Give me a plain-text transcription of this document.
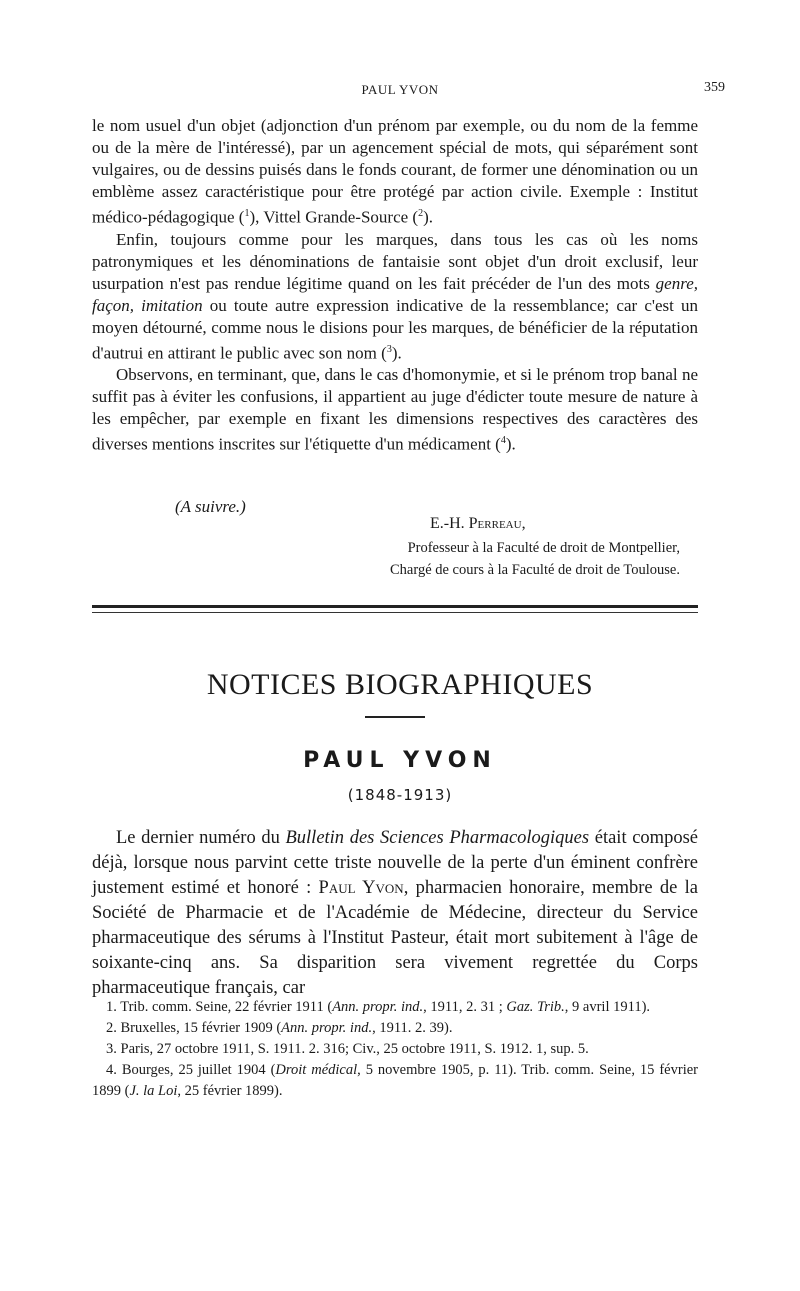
PAUL YVON	359

le nom usuel d'un objet (adjonction d'un prénom par exemple, ou du nom de la femme ou de la mère de l'intéressé), par un agencement spécial de mots, qui séparément sont vulgaires, ou de dessins puisés dans le fonds courant, de former une dénomination ou un emblème assez caractéristique pour être protégé par action civile. Exemple : Institut médico-pédagogique ($^1$), Vittel Grande-Source ($^2$).

Enfin, toujours comme pour les marques, dans tous les cas où les noms patronymiques et les dénominations de fantaisie sont objet d'un droit exclusif, leur usurpation n'est pas rendue légitime quand on les fait précéder de l'un des mots genre, façon, imitation ou toute autre expression indicative de la ressemblance; car c'est un moyen détourné, comme nous le disions pour les marques, de bénéficier de la réputation d'autrui en attirant le public avec son nom ($^3$).

Observons, en terminant, que, dans le cas d'homonymie, et si le prénom trop banal ne suffit pas à éviter les confusions, il appartient au juge d'édicter toute mesure de nature à les empêcher, par exemple en fixant les dimensions respectives des caractères des diverses mentions inscrites sur l'étiquette d'un médicament ($^4$).

(A suivre.)
E.-H. Perreau,
Professeur à la Faculté de droit de Montpellier,
Chargé de cours à la Faculté de droit de Toulouse.
NOTICES BIOGRAPHIQUES
PAUL YVON
(1848-1913)

Le dernier numéro du Bulletin des Sciences Pharmacologiques était composé déjà, lorsque nous parvint cette triste nouvelle de la perte d'un éminent confrère justement estimé et honoré : Paul Yvon, pharmacien honoraire, membre de la Société de Pharmacie et de l'Académie de Médecine, directeur du Service pharmaceutique des sérums à l'Institut Pasteur, était mort subitement à l'âge de soixante-cinq ans. Sa disparition sera vivement regrettée du Corps pharmaceutique français, car

1. Trib. comm. Seine, 22 février 1911 (Ann. propr. ind., 1911, 2. 31 ; Gaz. Trib., 9 avril 1911).

2. Bruxelles, 15 février 1909 (Ann. propr. ind., 1911. 2. 39).

3. Paris, 27 octobre 1911, S. 1911. 2. 316; Civ., 25 octobre 1911, S. 1912. 1, sup. 5.

4. Bourges, 25 juillet 1904 (Droit médical, 5 novembre 1905, p. 11). Trib. comm. Seine, 15 février 1899 (J. la Loi, 25 février 1899).
